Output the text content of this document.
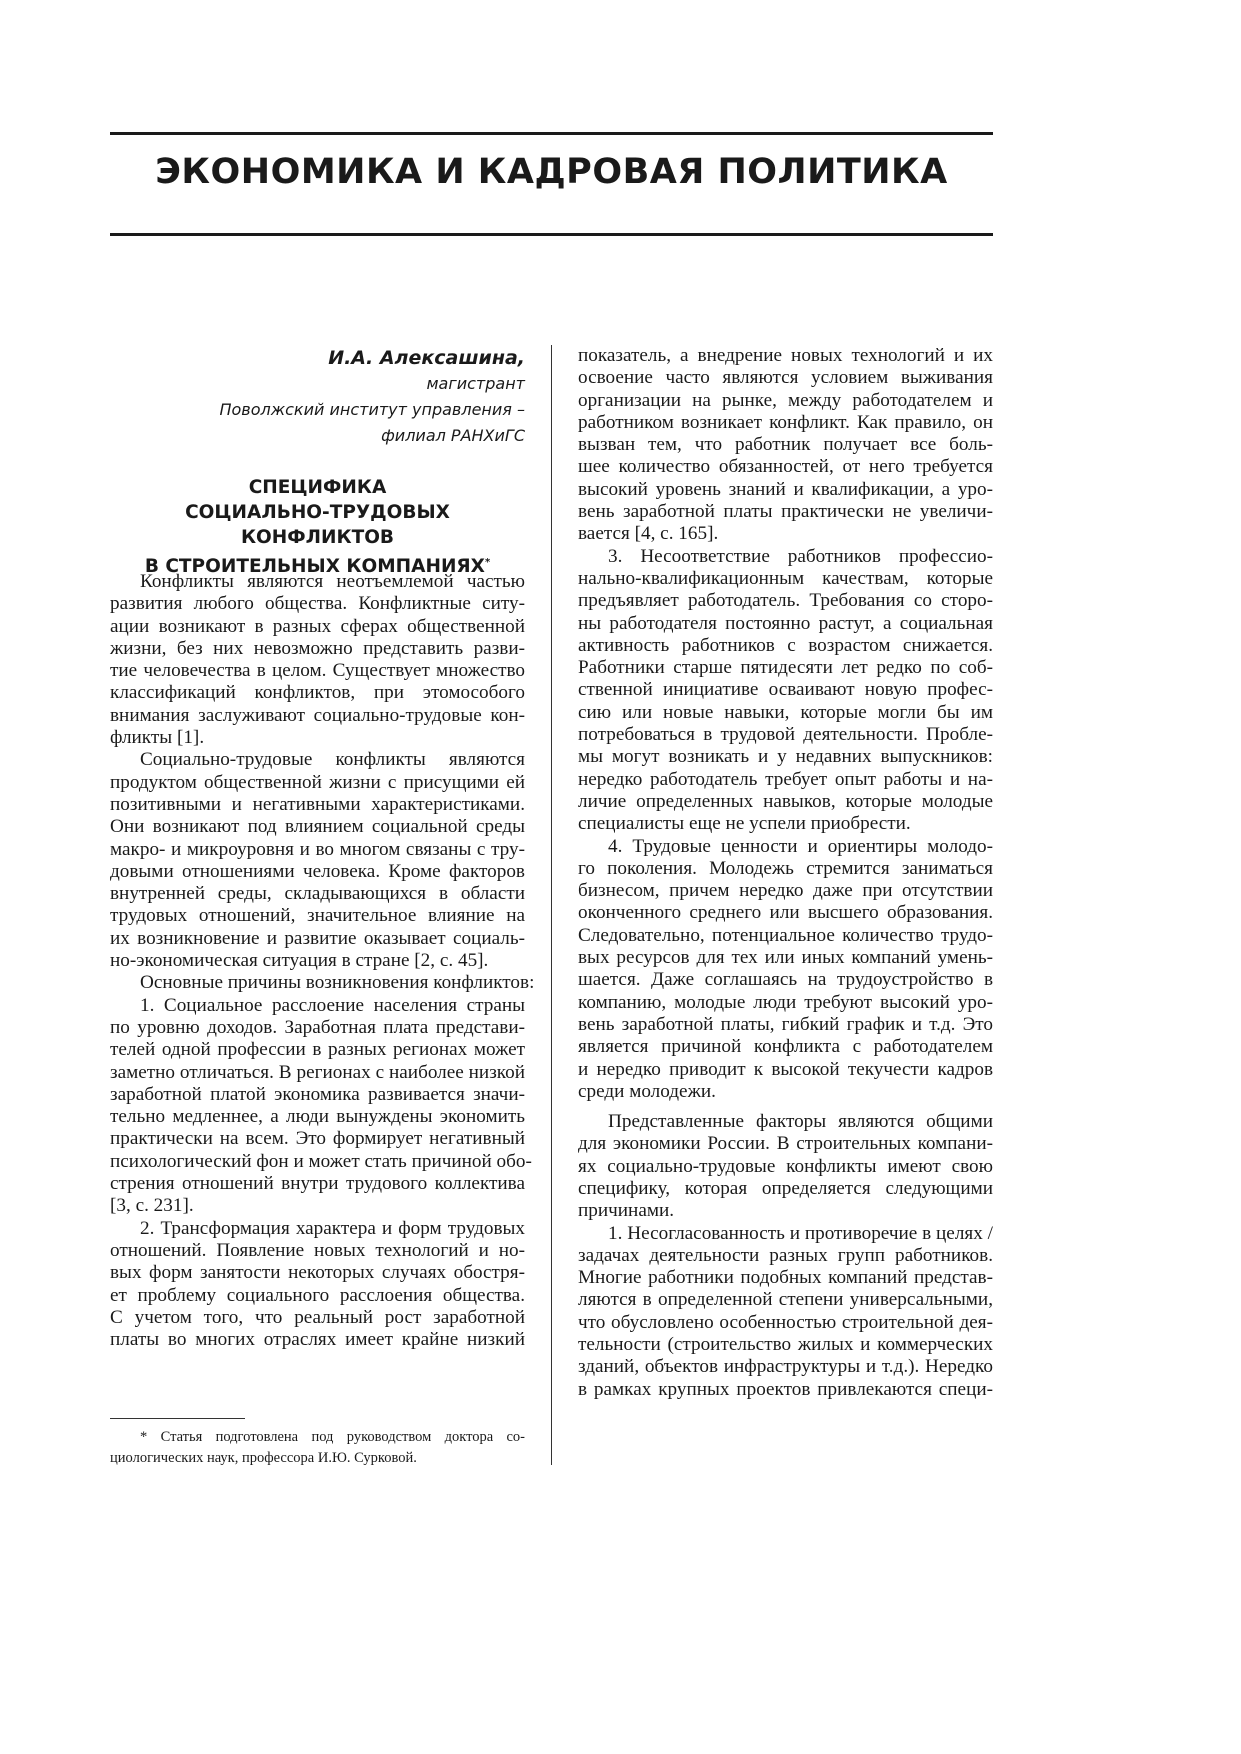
ЭКОНОМИКА И КАДРОВАЯ ПОЛИТИКА
И.А. Алексашина,
магистрант
Поволжский институт управления –
филиал РАНХиГС
СПЕЦИФИКА
СОЦИАЛЬНО-ТРУДОВЫХ КОНФЛИКТОВ
В СТРОИТЕЛЬНЫХ КОМПАНИЯХ*
Конфликты являются неотъемлемой частью
развития любого общества. Конфликтные ситу-
ации возникают в разных сферах общественной
жизни, без них невозможно представить разви-
тие человечества в целом. Существует множество
классификаций конфликтов, при этомособого
внимания заслуживают социально-трудовые кон-
фликты [1].
Социально-трудовые конфликты являются
продуктом общественной жизни с присущими ей
позитивными и негативными характеристиками.
Они возникают под влиянием социальной среды
макро- и микроуровня и во многом связаны с тру-
довыми отношениями человека. Кроме факторов
внутренней среды, складывающихся в области
трудовых отношений, значительное влияние на
их возникновение и развитие оказывает социаль-
но-экономическая ситуация в стране [2, с. 45].
Основные причины возникновения конфликтов:
1. Социальное расслоение населения страны
по уровню доходов. Заработная плата представи-
телей одной профессии в разных регионах может
заметно отличаться. В регионах с наиболее низкой
заработной платой экономика развивается значи-
тельно медленнее, а люди вынуждены экономить
практически на всем. Это формирует негативный
психологический фон и может стать причиной обо-
стрения отношений внутри трудового коллектива
[3, с. 231].
2. Трансформация характера и форм трудовых
отношений. Появление новых технологий и но-
вых форм занятости некоторых случаях обостря-
ет проблему социального расслоения общества.
С учетом того, что реальный рост заработной
платы во многих отраслях имеет крайне низкий
показатель, а внедрение новых технологий и их
освоение часто являются условием выживания
организации на рынке, между работодателем и
работником возникает конфликт. Как правило, он
вызван тем, что работник получает все боль-
шее количество обязанностей, от него требуется
высокий уровень знаний и квалификации, а уро-
вень заработной платы практически не увеличи-
вается [4, с. 165].
3. Несоответствие работников профессио-
нально-квалификационным качествам, которые
предъявляет работодатель. Требования со сторо-
ны работодателя постоянно растут, а социальная
активность работников с возрастом снижается.
Работники старше пятидесяти лет редко по соб-
ственной инициативе осваивают новую профес-
сию или новые навыки, которые могли бы им
потребоваться в трудовой деятельности. Пробле-
мы могут возникать и у недавних выпускников:
нередко работодатель требует опыт работы и на-
личие определенных навыков, которые молодые
специалисты еще не успели приобрести.
4. Трудовые ценности и ориентиры молодо-
го поколения. Молодежь стремится заниматься
бизнесом, причем нередко даже при отсутствии
оконченного среднего или высшего образования.
Следовательно, потенциальное количество трудо-
вых ресурсов для тех или иных компаний умень-
шается. Даже соглашаясь на трудоустройство в
компанию, молодые люди требуют высокий уро-
вень заработной платы, гибкий график и т.д. Это
является причиной конфликта с работодателем
и нередко приводит к высокой текучести кадров
среди молодежи.
Представленные факторы являются общими
для экономики России. В строительных компани-
ях социально-трудовые конфликты имеют свою
специфику, которая определяется следующими
причинами.
1. Несогласованность и противоречие в целях /
задачах деятельности разных групп работников.
Многие работники подобных компаний представ-
ляются в определенной степени универсальными,
что обусловлено особенностью строительной дея-
тельности (строительство жилых и коммерческих
зданий, объектов инфраструктуры и т.д.). Нередко
в рамках крупных проектов привлекаются специ-
* Статья подготовлена под руководством доктора со-
циологических наук, профессора И.Ю. Сурковой.
